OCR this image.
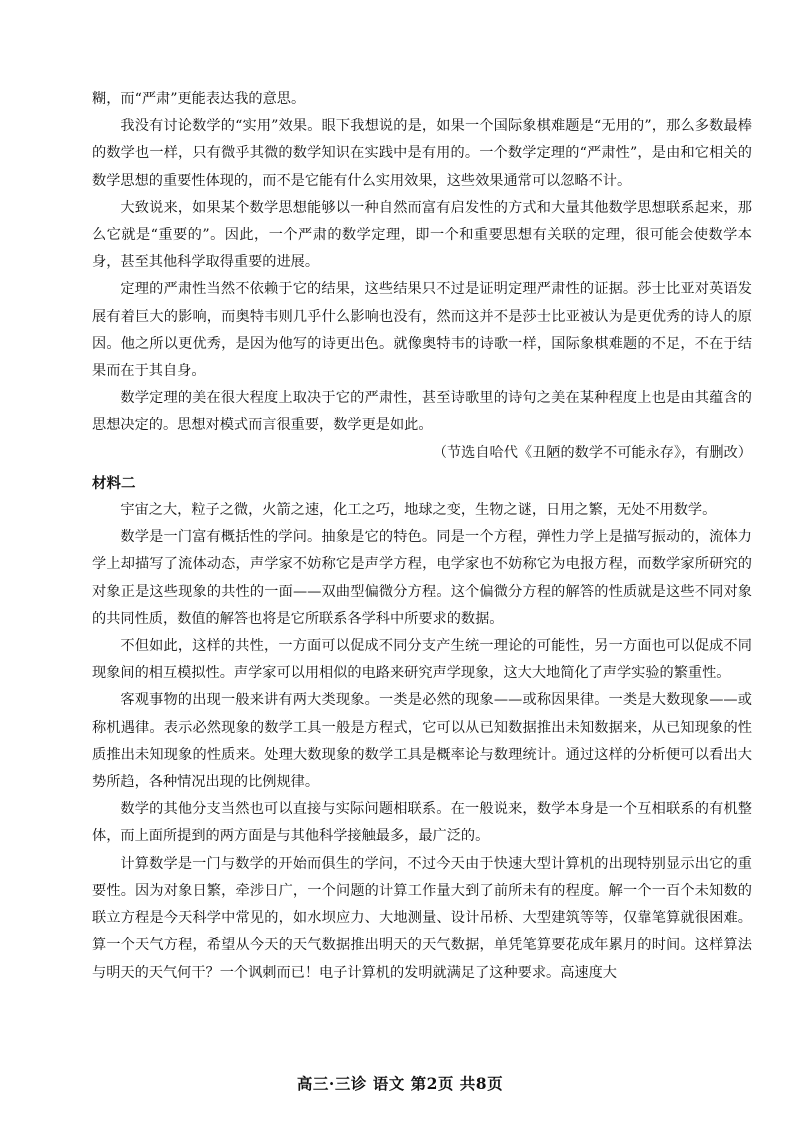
糊，而“严肃”更能表达我的意思。

我没有讨论数学的“实用”效果。眼下我想说的是，如果一个国际象棋难题是“无用的”，那么多数最棒的数学也一样，只有微乎其微的数学知识在实践中是有用的。一个数学定理的“严肃性”，是由和它相关的数学思想的重要性体现的，而不是它能有什么实用效果，这些效果通常可以忽略不计。

大致说来，如果某个数学思想能够以一种自然而富有启发性的方式和大量其他数学思想联系起来，那么它就是“重要的”。因此，一个严肃的数学定理，即一个和重要思想有关联的定理，很可能会使数学本身，甚至其他科学取得重要的进展。

定理的严肃性当然不依赖于它的结果，这些结果只不过是证明定理严肃性的证据。莎士比亚对英语发展有着巨大的影响，而奥特韦则几乎什么影响也没有，然而这并不是莎士比亚被认为是更优秀的诗人的原因。他之所以更优秀，是因为他写的诗更出色。就像奥特韦的诗歌一样，国际象棋难题的不足，不在于结果而在于其自身。

数学定理的美在很大程度上取决于它的严肃性，甚至诗歌里的诗句之美在某种程度上也是由其蕴含的思想决定的。思想对模式而言很重要，数学更是如此。

（节选自哈代《丑陋的数学不可能永存》，有删改）

材料二

宇宙之大，粒子之微，火箭之速，化工之巧，地球之变，生物之谜，日用之繁，无处不用数学。

数学是一门富有概括性的学问。抽象是它的特色。同是一个方程，弹性力学上是描写振动的，流体力学上却描写了流体动态，声学家不妨称它是声学方程，电学家也不妨称它为电报方程，而数学家所研究的对象正是这些现象的共性的一面——双曲型偏微分方程。这个偏微分方程的解答的性质就是这些不同对象的共同性质，数值的解答也将是它所联系各学科中所要求的数据。

不但如此，这样的共性，一方面可以促成不同分支产生统一理论的可能性，另一方面也可以促成不同现象间的相互模拟性。声学家可以用相似的电路来研究声学现象，这大大地简化了声学实验的繁重性。

客观事物的出现一般来讲有两大类现象。一类是必然的现象——或称因果律。一类是大数现象——或称机遇律。表示必然现象的数学工具一般是方程式，它可以从已知数据推出未知数据来，从已知现象的性质推出未知现象的性质来。处理大数现象的数学工具是概率论与数理统计。通过这样的分析便可以看出大势所趋，各种情况出现的比例规律。

数学的其他分支当然也可以直接与实际问题相联系。在一般说来，数学本身是一个互相联系的有机整体，而上面所提到的两方面是与其他科学接触最多，最广泛的。

计算数学是一门与数学的开始而俱生的学问，不过今天由于快速大型计算机的出现特别显示出它的重要性。因为对象日繁，牵涉日广，一个问题的计算工作量大到了前所未有的程度。解一个一百个未知数的联立方程是今天科学中常见的，如水坝应力、大地测量、设计吊桥、大型建筑等等，仅靠笔算就很困难。算一个天气方程，希望从今天的天气数据推出明天的天气数据，单凭笔算要花成年累月的时间。这样算法与明天的天气何干？一个讽刺而已！电子计算机的发明就满足了这种要求。高速度大

高三·三诊 语文 第2页 共8页
